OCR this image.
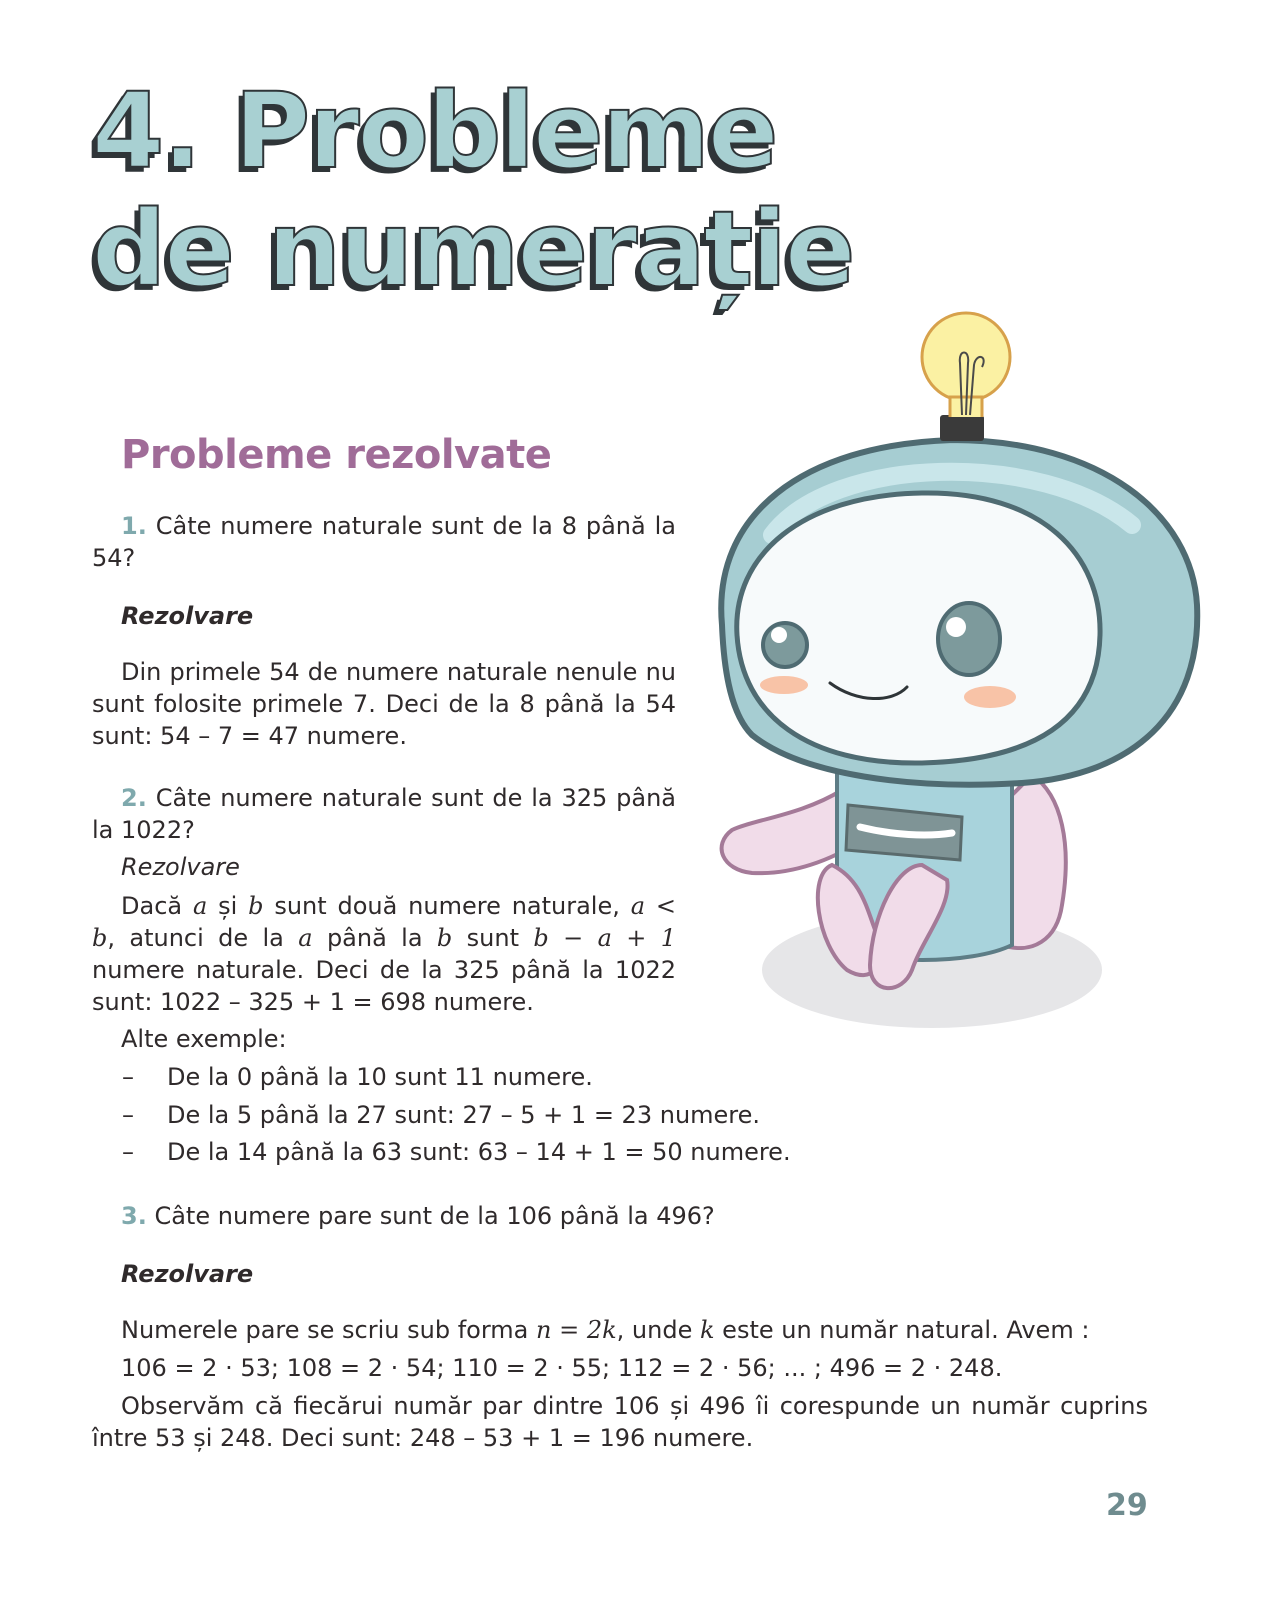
4. Probleme
de numerație
Probleme rezolvate
1. Câte numere naturale sunt de la 8 până la 54?
Rezolvare
Din primele 54 de numere naturale nenule nu sunt folosite primele 7. Deci de la 8 până la 54 sunt: 54 – 7 = 47 numere.
2. Câte numere naturale sunt de la 325 până la 1022?
Rezolvare
Dacă a și b sunt două numere naturale, a < b, atunci de la a până la b sunt b − a + 1 numere naturale. Deci de la 325 până la 1022 sunt: 1022 – 325 + 1 = 698 numere.
Alte exemple:
– De la 0 până la 10 sunt 11 numere.
– De la 5 până la 27 sunt: 27 – 5 + 1 = 23 numere.
– De la 14 până la 63 sunt: 63 – 14 + 1 = 50 numere.
3. Câte numere pare sunt de la 106 până la 496?
Rezolvare
Numerele pare se scriu sub forma n = 2k, unde k este un număr natural. Avem :
106 = 2 · 53; 108 = 2 · 54; 110 = 2 · 55; 112 = 2 · 56; ... ; 496 = 2 · 248.
Observăm că fiecărui număr par dintre 106 și 496 îi corespunde un număr cuprins între 53 și 248. Deci sunt: 248 – 53 + 1 = 196 numere.
29
